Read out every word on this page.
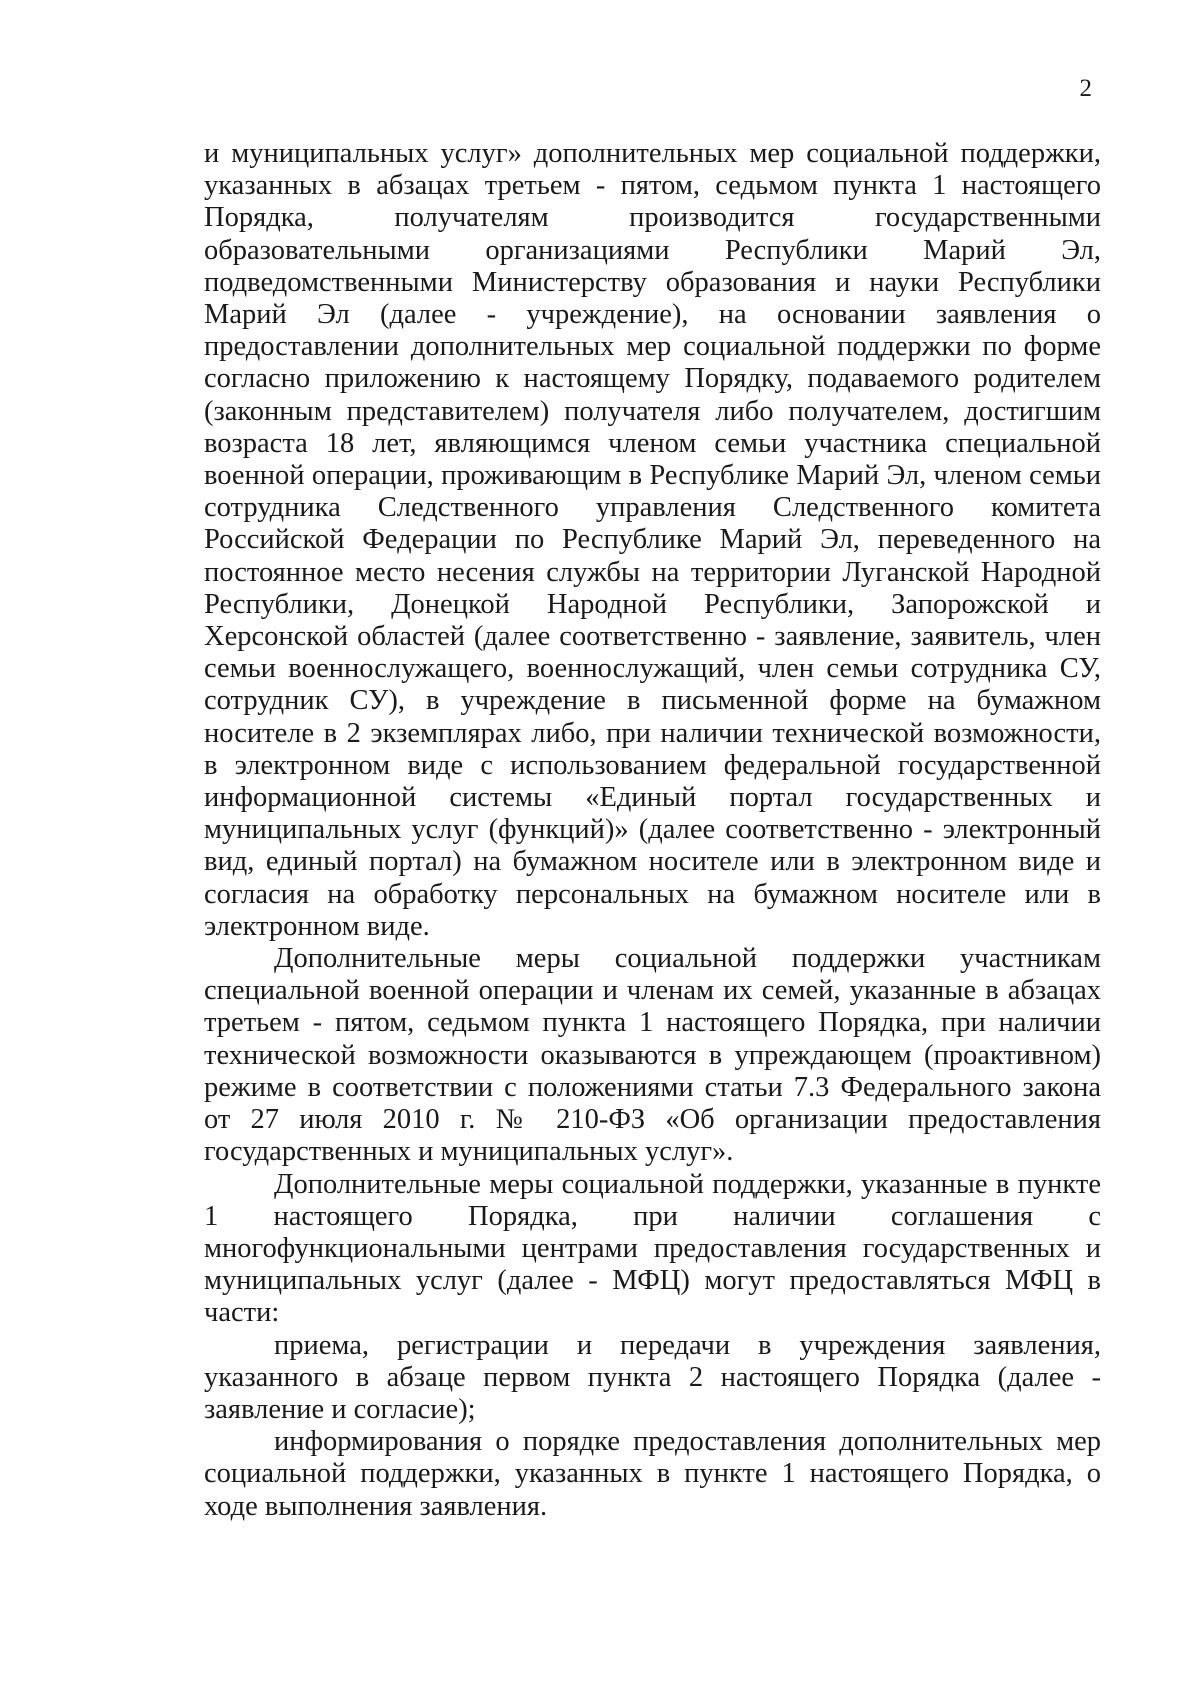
2

и муниципальных услуг» дополнительных мер социальной поддержки, указанных в абзацах третьем - пятом, седьмом пункта 1 настоящего Порядка, получателям производится государственными образовательными организациями Республики Марий Эл, подведомственными Министерству образования и науки Республики Марий Эл (далее - учреждение), на основании заявления о предоставлении дополнительных мер социальной поддержки по форме согласно приложению к настоящему Порядку, подаваемого родителем (законным представителем) получателя либо получателем, достигшим возраста 18 лет, являющимся членом семьи участника специальной военной операции, проживающим в Республике Марий Эл, членом семьи сотрудника Следственного управления Следственного комитета Российской Федерации по Республике Марий Эл, переведенного на постоянное место несения службы на территории Луганской Народной Республики, Донецкой Народной Республики, Запорожской и Херсонской областей (далее соответственно - заявление, заявитель, член семьи военнослужащего, военнослужащий, член семьи сотрудника СУ, сотрудник СУ), в учреждение в письменной форме на бумажном носителе в 2 экземплярах либо, при наличии технической возможности, в электронном виде с использованием федеральной государственной информационной системы «Единый портал государственных и муниципальных услуг (функций)» (далее соответственно - электронный вид, единый портал) на бумажном носителе или в электронном виде и согласия на обработку персональных на бумажном носителе или в электронном виде.

Дополнительные меры социальной поддержки участникам специальной военной операции и членам их семей, указанные в абзацах третьем - пятом, седьмом пункта 1 настоящего Порядка, при наличии технической возможности оказываются в упреждающем (проактивном) режиме в соответствии с положениями статьи 7.3 Федерального закона от 27 июля 2010 г. № 210-ФЗ «Об организации предоставления государственных и муниципальных услуг».

Дополнительные меры социальной поддержки, указанные в пункте 1 настоящего Порядка, при наличии соглашения с многофункциональными центрами предоставления государственных и муниципальных услуг (далее - МФЦ) могут предоставляться МФЦ в части:

приема, регистрации и передачи в учреждения заявления, указанного в абзаце первом пункта 2 настоящего Порядка (далее - заявление и согласие);

информирования о порядке предоставления дополнительных мер социальной поддержки, указанных в пункте 1 настоящего Порядка, о ходе выполнения заявления.
